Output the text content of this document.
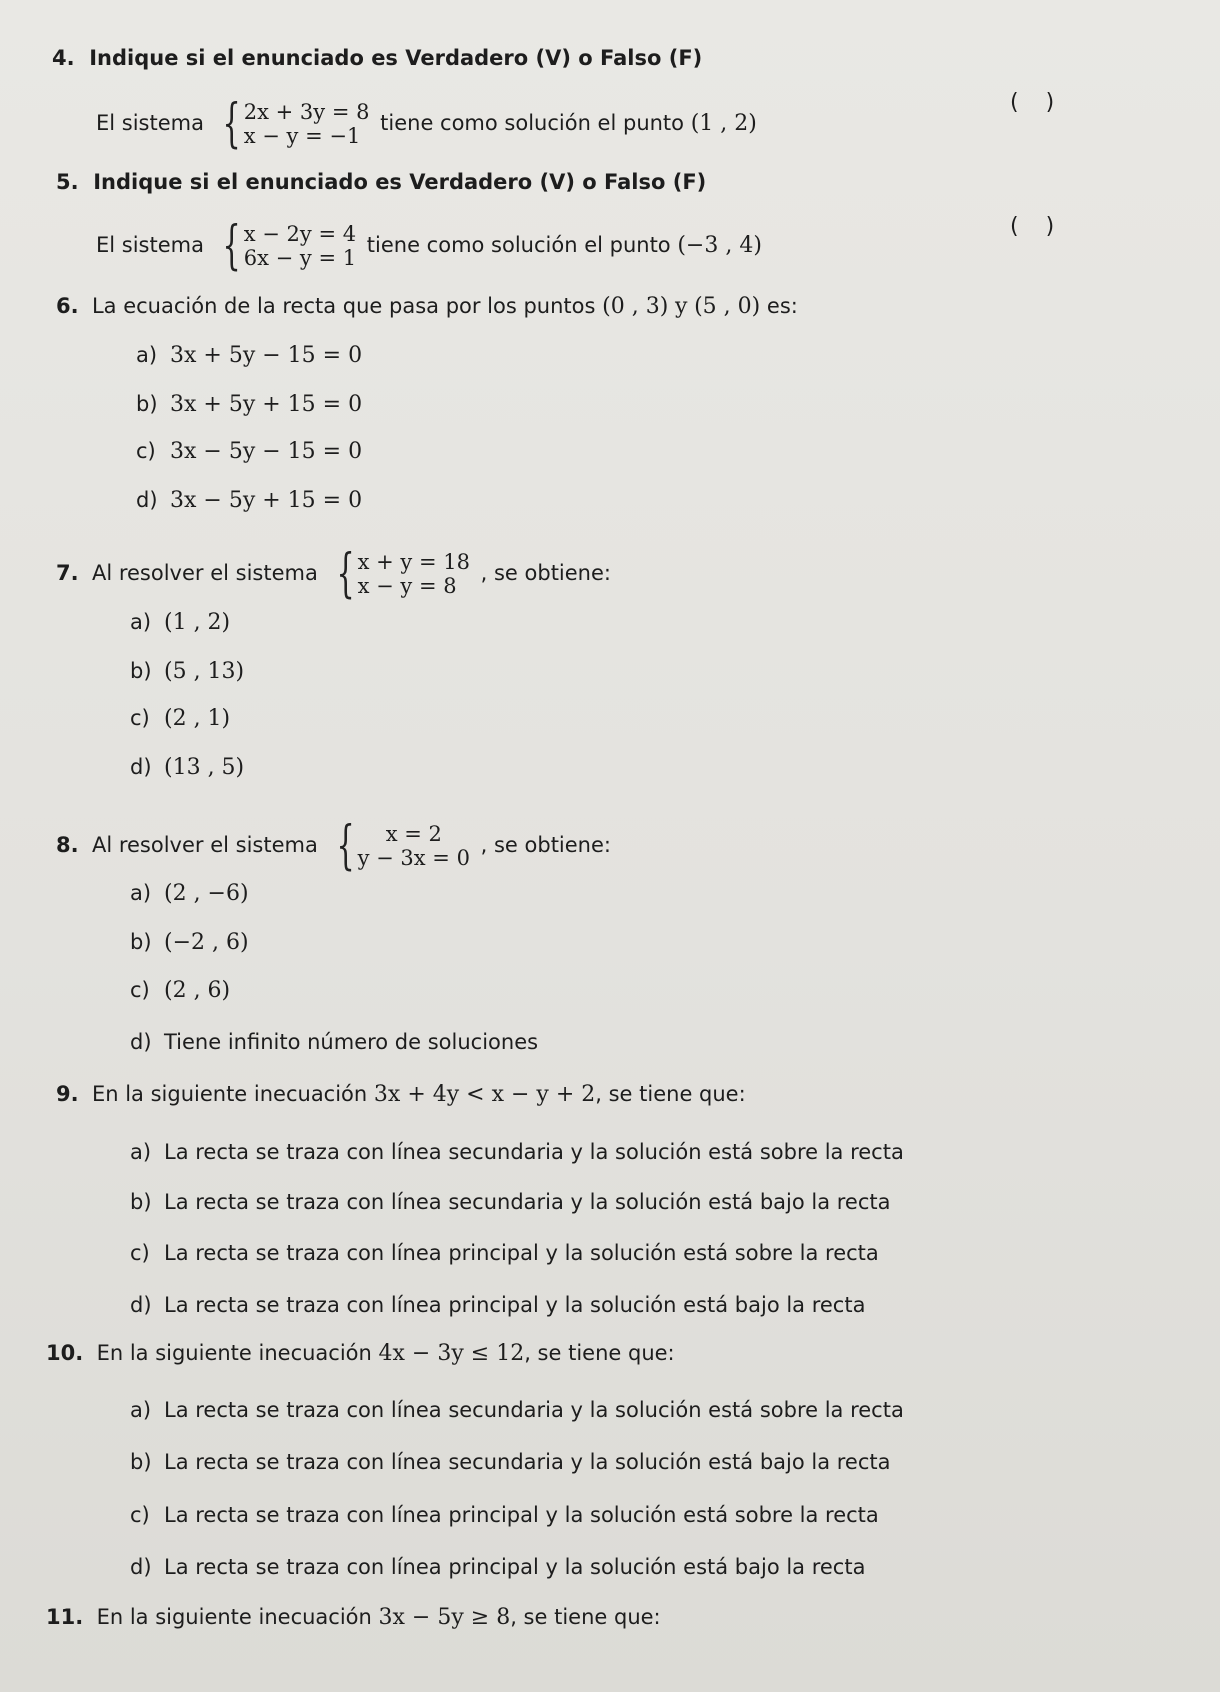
4. Indique si el enunciado es Verdadero (V) o Falso (F)
El sistema { 2x + 3y = 8
x − y = −1
tiene como solución el punto (1 , 2)
( )
5. Indique si el enunciado es Verdadero (V) o Falso (F)
El sistema { x − 2y = 4
6x − y = 1
tiene como solución el punto (−3 , 4)
( )
6. La ecuación de la recta que pasa por los puntos (0 , 3) y (5 , 0) es:
a) 3x + 5y − 15 = 0
b) 3x + 5y + 15 = 0
c) 3x − 5y − 15 = 0
d) 3x − 5y + 15 = 0
7. Al resolver el sistema { x + y = 18
x − y = 8
, se obtiene:
a) (1 , 2)
b) (5 , 13)
c) (2 , 1)
d) (13 , 5)
8. Al resolver el sistema { x = 2
y − 3x = 0
, se obtiene:
a) (2 , −6)
b) (−2 , 6)
c) (2 , 6)
d) Tiene infinito número de soluciones
9. En la siguiente inecuación 3x + 4y < x − y + 2, se tiene que:
a) La recta se traza con línea secundaria y la solución está sobre la recta
b) La recta se traza con línea secundaria y la solución está bajo la recta
c) La recta se traza con línea principal y la solución está sobre la recta
d) La recta se traza con línea principal y la solución está bajo la recta
10. En la siguiente inecuación 4x − 3y ≤ 12, se tiene que:
a) La recta se traza con línea secundaria y la solución está sobre la recta
b) La recta se traza con línea secundaria y la solución está bajo la recta
c) La recta se traza con línea principal y la solución está sobre la recta
d) La recta se traza con línea principal y la solución está bajo la recta
11. En la siguiente inecuación 3x − 5y ≥ 8, se tiene que:
